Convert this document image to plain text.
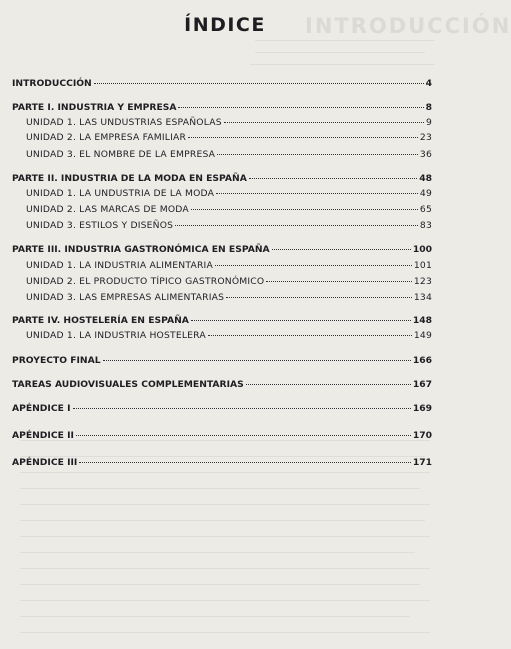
INTRODUCCIÓN
ÍNDICE
INTRODUCCIÓN	4
PARTE I. INDUSTRIA Y EMPRESA	8
UNIDAD 1. LAS UNDUSTRIAS ESPAÑOLAS	9
UNIDAD 2. LA EMPRESA FAMILIAR	23
UNIDAD 3. EL NOMBRE DE LA EMPRESA	36
PARTE II. INDUSTRIA DE LA MODA EN ESPAÑA	48
UNIDAD 1. LA UNDUSTRIA DE LA MODA	49
UNIDAD 2. LAS MARCAS DE MODA	65
UNIDAD 3. ESTILOS Y DISEÑOS	83
PARTE III. INDUSTRIA GASTRONÓMICA EN ESPAÑA	100
UNIDAD 1. LA INDUSTRIA ALIMENTARIA	101
UNIDAD 2. EL PRODUCTO TÍPICO GASTRONÓMICO	123
UNIDAD 3. LAS EMPRESAS ALIMENTARIAS	134
PARTE IV. HOSTELERÍA EN ESPAÑA	148
UNIDAD 1. LA INDUSTRIA HOSTELERA	149
PROYECTO FINAL	166
TAREAS AUDIOVISUALES COMPLEMENTARIAS	167
APÉNDICE I	169
APÉNDICE II	170
APÉNDICE III	171
